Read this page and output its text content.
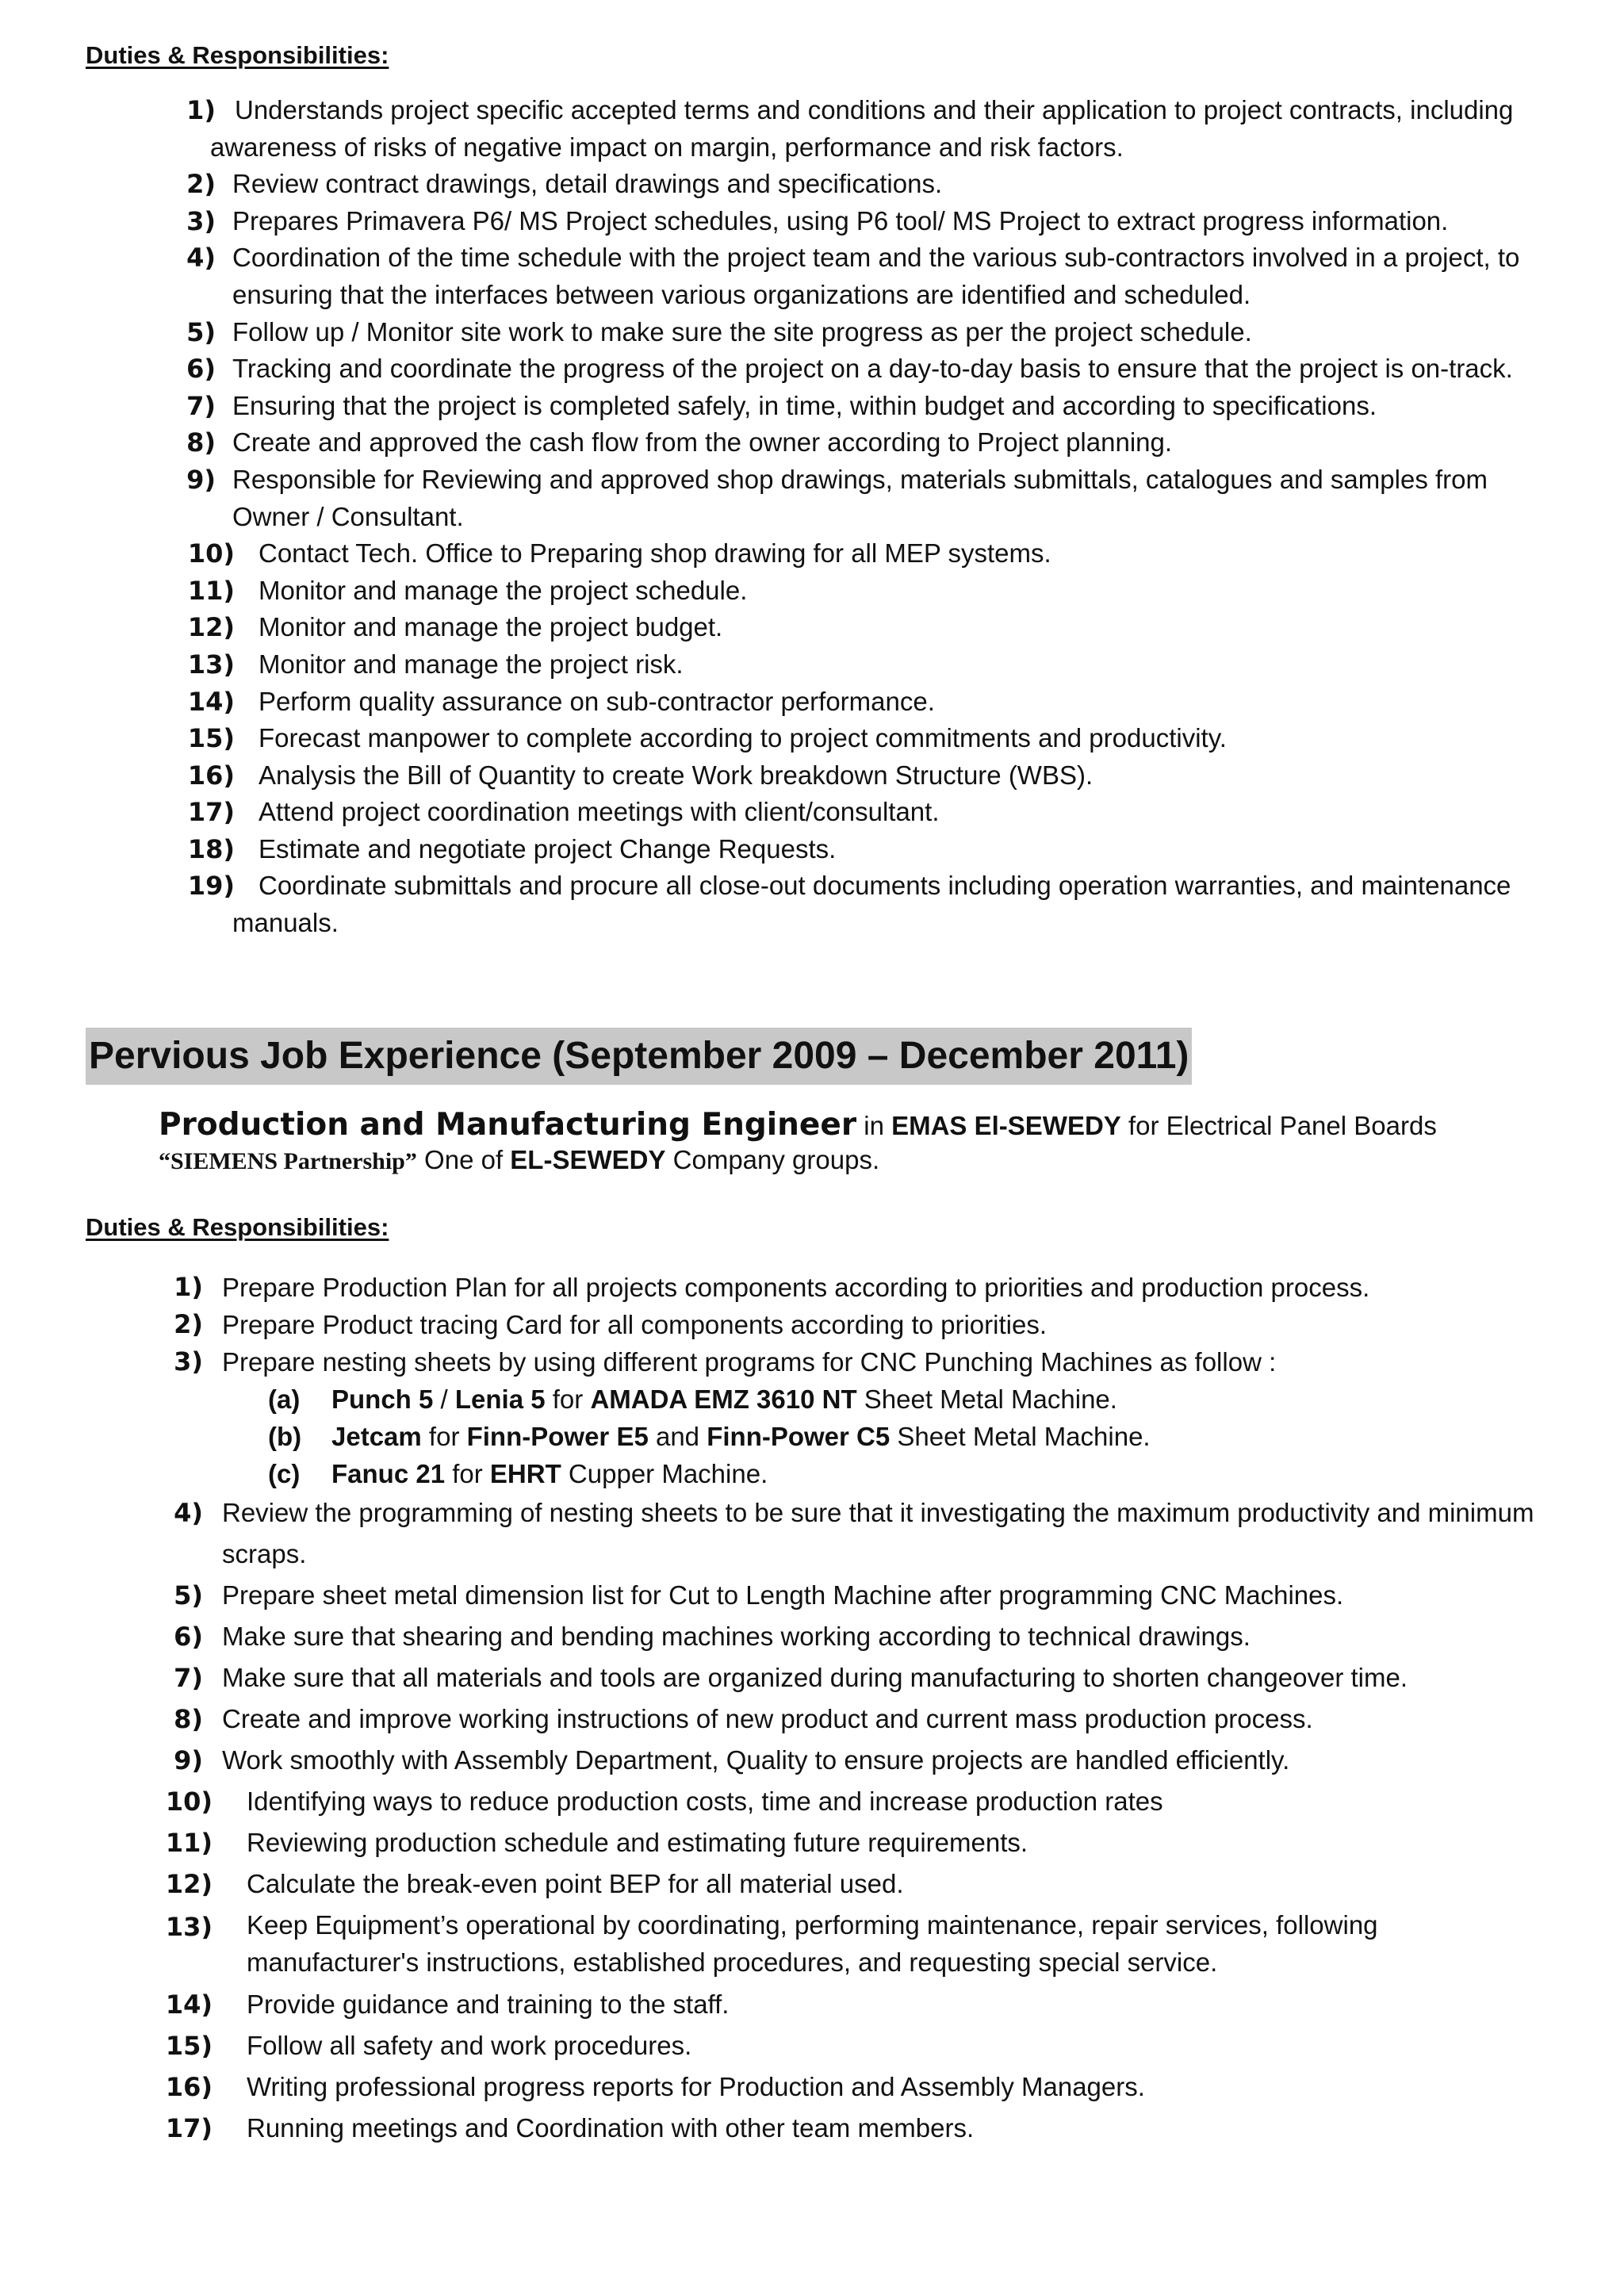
Duties & Responsibilities:
1) Understands project specific accepted terms and conditions and their application to project contracts, including awareness of risks of negative impact on margin, performance and risk factors.
2) Review contract drawings, detail drawings and specifications.
3) Prepares Primavera P6/ MS Project schedules, using P6 tool/ MS Project to extract progress information.
4) Coordination of the time schedule with the project team and the various sub-contractors involved in a project, to ensuring that the interfaces between various organizations are identified and scheduled.
5) Follow up / Monitor site work to make sure the site progress as per the project schedule.
6) Tracking and coordinate the progress of the project on a day-to-day basis to ensure that the project is on-track.
7) Ensuring that the project is completed safely, in time, within budget and according to specifications.
8) Create and approved the cash flow from the owner according to Project planning.
9) Responsible for Reviewing and approved shop drawings, materials submittals, catalogues and samples from Owner / Consultant.
10) Contact Tech. Office to Preparing shop drawing for all MEP systems.
11) Monitor and manage the project schedule.
12) Monitor and manage the project budget.
13) Monitor and manage the project risk.
14) Perform quality assurance on sub-contractor performance.
15) Forecast manpower to complete according to project commitments and productivity.
16) Analysis the Bill of Quantity to create Work breakdown Structure (WBS).
17) Attend project coordination meetings with client/consultant.
18) Estimate and negotiate project Change Requests.
19) Coordinate submittals and procure all close-out documents including operation warranties, and maintenance manuals.
Pervious Job Experience (September 2009 – December 2011)
Production and Manufacturing Engineer in EMAS El-SEWEDY for Electrical Panel Boards
“SIEMENS Partnership” One of EL-SEWEDY Company groups.
Duties & Responsibilities:
1) Prepare Production Plan for all projects components according to priorities and production process.
2) Prepare Product tracing Card for all components according to priorities.
3) Prepare nesting sheets by using different programs for CNC Punching Machines as follow :
(a) Punch 5 / Lenia 5 for AMADA EMZ 3610 NT Sheet Metal Machine.
(b) Jetcam for Finn-Power E5 and Finn-Power C5 Sheet Metal Machine.
(c) Fanuc 21 for EHRT Cupper Machine.
4) Review the programming of nesting sheets to be sure that it investigating the maximum productivity and minimum scraps.
5) Prepare sheet metal dimension list for Cut to Length Machine after programming CNC Machines.
6) Make sure that shearing and bending machines working according to technical drawings.
7) Make sure that all materials and tools are organized during manufacturing to shorten changeover time.
8) Create and improve working instructions of new product and current mass production process.
9) Work smoothly with Assembly Department, Quality to ensure projects are handled efficiently.
10) Identifying ways to reduce production costs, time and increase production rates
11) Reviewing production schedule and estimating future requirements.
12) Calculate the break-even point BEP for all material used.
13) Keep Equipment’s operational by coordinating, performing maintenance, repair services, following manufacturer's instructions, established procedures, and requesting special service.
14) Provide guidance and training to the staff.
15) Follow all safety and work procedures.
16) Writing professional progress reports for Production and Assembly Managers.
17) Running meetings and Coordination with other team members.
